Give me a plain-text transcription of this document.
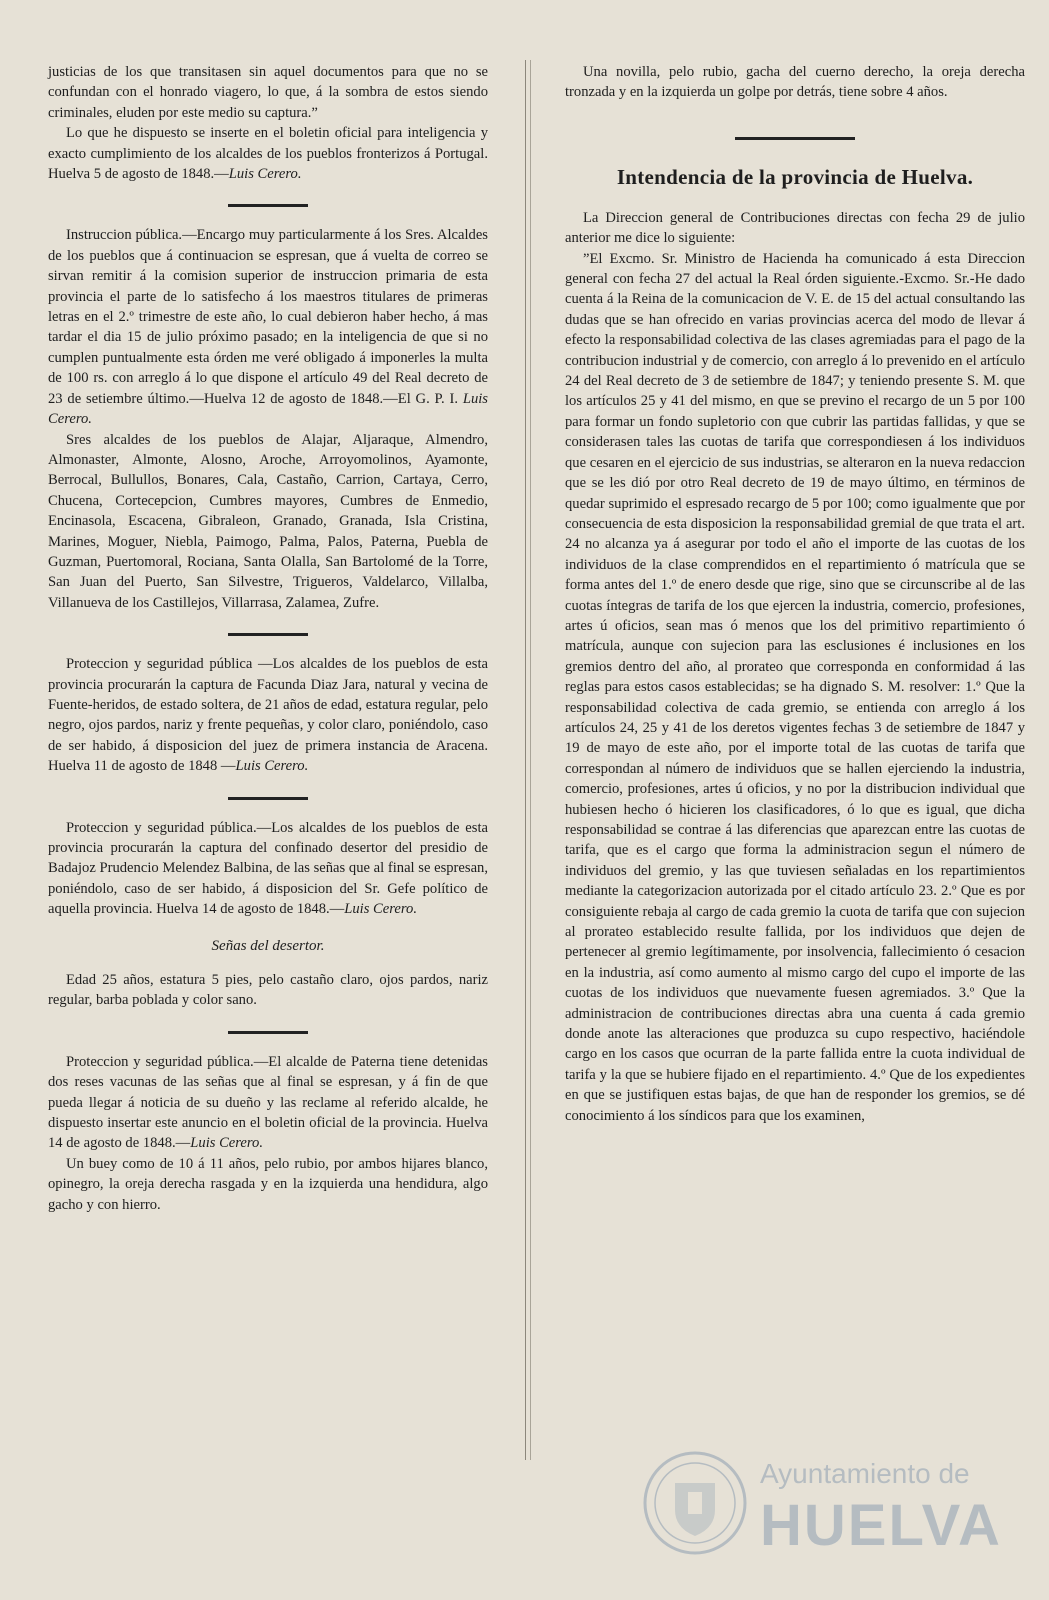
justicias de los que transitasen sin aquel documentos para que no se confundan con el honrado viagero, lo que, á la sombra de estos siendo criminales, eluden por este medio su captura.”

Lo que he dispuesto se inserte en el boletin oficial para inteligencia y exacto cumplimiento de los alcaldes de los pueblos fronterizos á Portugal. Huelva 5 de agosto de 1848.—Luis Cerero.

Instruccion pública.—Encargo muy particularmente á los Sres. Alcaldes de los pueblos que á continuacion se espresan, que á vuelta de correo se sirvan remitir á la comision superior de instruccion primaria de esta provincia el parte de lo satisfecho á los maestros titulares de primeras letras en el 2.º trimestre de este año, lo cual debieron haber hecho, á mas tardar el dia 15 de julio próximo pasado; en la inteligencia de que si no cumplen puntualmente esta órden me veré obligado á imponerles la multa de 100 rs. con arreglo á lo que dispone el artículo 49 del Real decreto de 23 de setiembre último.—Huelva 12 de agosto de 1848.—El G. P. I. Luis Cerero.

Sres alcaldes de los pueblos de Alajar, Aljaraque, Almendro, Almonaster, Almonte, Alosno, Aroche, Arroyomolinos, Ayamonte, Berrocal, Bullullos, Bonares, Cala, Castaño, Carrion, Cartaya, Cerro, Chucena, Cortecepcion, Cumbres mayores, Cumbres de Enmedio, Encinasola, Escacena, Gibraleon, Granado, Granada, Isla Cristina, Marines, Moguer, Niebla, Paimogo, Palma, Palos, Paterna, Puebla de Guzman, Puertomoral, Rociana, Santa Olalla, San Bartolomé de la Torre, San Juan del Puerto, San Silvestre, Trigueros, Valdelarco, Villalba, Villanueva de los Castillejos, Villarrasa, Zalamea, Zufre.

Proteccion y seguridad pública —Los alcaldes de los pueblos de esta provincia procurarán la captura de Facunda Diaz Jara, natural y vecina de Fuente-heridos, de estado soltera, de 21 años de edad, estatura regular, pelo negro, ojos pardos, nariz y frente pequeñas, y color claro, poniéndolo, caso de ser habido, á disposicion del juez de primera instancia de Aracena. Huelva 11 de agosto de 1848 —Luis Cerero.

Proteccion y seguridad pública.—Los alcaldes de los pueblos de esta provincia procurarán la captura del confinado desertor del presidio de Badajoz Prudencio Melendez Balbina, de las señas que al final se espresan, poniéndolo, caso de ser habido, á disposicion del Sr. Gefe político de aquella provincia. Huelva 14 de agosto de 1848.—Luis Cerero.

Señas del desertor.

Edad 25 años, estatura 5 pies, pelo castaño claro, ojos pardos, nariz regular, barba poblada y color sano.

Proteccion y seguridad pública.—El alcalde de Paterna tiene detenidas dos reses vacunas de las señas que al final se espresan, y á fin de que pueda llegar á noticia de su dueño y las reclame al referido alcalde, he dispuesto insertar este anuncio en el boletin oficial de la provincia. Huelva 14 de agosto de 1848.—Luis Cerero.

Un buey como de 10 á 11 años, pelo rubio, por ambos hijares blanco, opinegro, la oreja derecha rasgada y en la izquierda una hendidura, algo gacho y con hierro.

Una novilla, pelo rubio, gacha del cuerno derecho, la oreja derecha tronzada y en la izquierda un golpe por detrás, tiene sobre 4 años.

Intendencia de la provincia de Huelva.

La Direccion general de Contribuciones directas con fecha 29 de julio anterior me dice lo siguiente:

”El Excmo. Sr. Ministro de Hacienda ha comunicado á esta Direccion general con fecha 27 del actual la Real órden siguiente.-Excmo. Sr.-He dado cuenta á la Reina de la comunicacion de V. E. de 15 del actual consultando las dudas que se han ofrecido en varias provincias acerca del modo de llevar á efecto la responsabilidad colectiva de las clases agremiadas para el pago de la contribucion industrial y de comercio, con arreglo á lo prevenido en el artículo 24 del Real decreto de 3 de setiembre de 1847; y teniendo presente S. M. que los artículos 25 y 41 del mismo, en que se previno el recargo de un 5 por 100 para formar un fondo supletorio con que cubrir las partidas fallidas, y que se considerasen tales las cuotas de tarifa que correspondiesen á los individuos que cesaren en el ejercicio de sus industrias, se alteraron en la nueva redaccion que se les dió por otro Real decreto de 19 de mayo último, en términos de quedar suprimido el espresado recargo de 5 por 100; como igualmente que por consecuencia de esta disposicion la responsabilidad gremial de que trata el art. 24 no alcanza ya á asegurar por todo el año el importe de las cuotas de los individuos de la clase comprendidos en el repartimiento ó matrícula que se forma antes del 1.º de enero desde que rige, sino que se circunscribe al de las cuotas íntegras de tarifa de los que ejercen la industria, comercio, profesiones, artes ú oficios, sean mas ó menos que los del primitivo repartimiento ó matrícula, aunque con sujecion para las esclusiones é inclusiones en los gremios dentro del año, al prorateo que corresponda en conformidad á las reglas para estos casos establecidas; se ha dignado S. M. resolver: 1.º Que la responsabilidad colectiva de cada gremio, se entienda con arreglo á los artículos 24, 25 y 41 de los deretos vigentes fechas 3 de setiembre de 1847 y 19 de mayo de este año, por el importe total de las cuotas de tarifa que correspondan al número de individuos que se hallen ejerciendo la industria, comercio, profesiones, artes ú oficios, y no por la distribucion individual que hubiesen hecho ó hicieren los clasificadores, ó lo que es igual, que dicha responsabilidad se contrae á las diferencias que aparezcan entre las cuotas de tarifa, que es el cargo que forma la administracion segun el número de individuos del gremio, y las que tuviesen señaladas en los repartimientos mediante la categorizacion autorizada por el citado artículo 23. 2.º Que es por consiguiente rebaja al cargo de cada gremio la cuota de tarifa que con sujecion al prorateo establecido resulte fallida, por los individuos que dejen de pertenecer al gremio legítimamente, por insolvencia, fallecimiento ó cesacion en la industria, así como aumento al mismo cargo del cupo el importe de las cuotas de los individuos que nuevamente fuesen agremiados. 3.º Que la administracion de contribuciones directas abra una cuenta á cada gremio donde anote las alteraciones que produzca su cupo respectivo, haciéndole cargo en los casos que ocurran de la parte fallida entre la cuota individual de tarifa y la que se hubiere fijado en el repartimiento. 4.º Que de los expedientes en que se justifiquen estas bajas, de que han de responder los gremios, se dé conocimiento á los síndicos para que los examinen,

Ayuntamiento de
HUELVA
